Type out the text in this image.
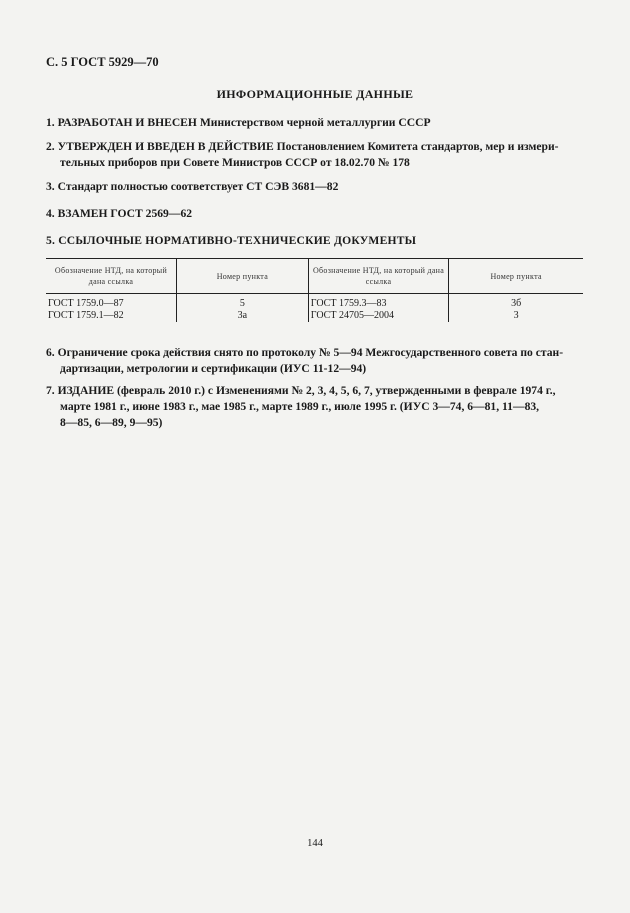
С. 5 ГОСТ 5929—70
ИНФОРМАЦИОННЫЕ ДАННЫЕ
1. РАЗРАБОТАН И ВНЕСЕН Министерством черной металлургии СССР
2. УТВЕРЖДЕН И ВВЕДЕН В ДЕЙСТВИЕ Постановлением Комитета стандартов, мер и измери-
тельных приборов при Совете Министров СССР от 18.02.70 № 178
3. Стандарт полностью соответствует СТ СЭВ 3681—82
4. ВЗАМЕН ГОСТ 2569—62
5. ССЫЛОЧНЫЕ НОРМАТИВНО-ТЕХНИЧЕСКИЕ ДОКУМЕНТЫ
Обозначение НТД, на который дана ссылка	Номер пункта	Обозначение НТД, на который дана ссылка	Номер пункта
ГОСТ 1759.0—87	5	ГОСТ 1759.3—83	3б
ГОСТ 1759.1—82	3а	ГОСТ 24705—2004	3
6. Ограничение срока действия снято по протоколу № 5—94 Межгосударственного совета по стан-
дартизации, метрологии и сертификации (ИУС 11-12—94)
7. ИЗДАНИЕ (февраль 2010 г.) с Изменениями № 2, 3, 4, 5, 6, 7, утвержденными в феврале 1974 г.,
марте 1981 г., июне 1983 г., мае 1985 г., марте 1989 г., июле 1995 г. (ИУС 3—74, 6—81, 11—83,
8—85, 6—89, 9—95)
144
